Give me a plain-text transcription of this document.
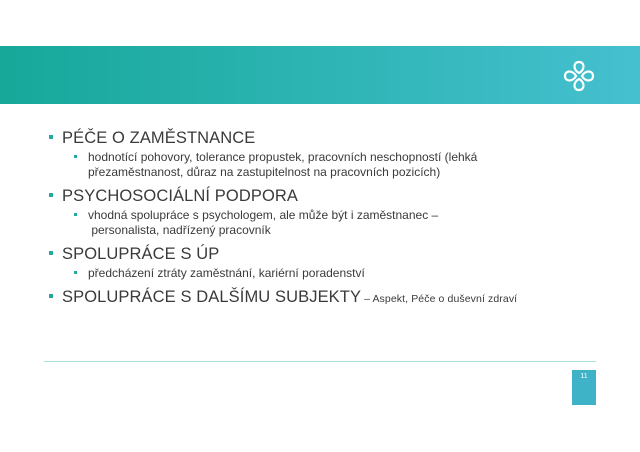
PÉČE O ZAMĚSTNANCE
hodnotící pohovory, tolerance propustek, pracovních neschopností (lehká
přezaměstnanost, důraz na zastupitelnost na pracovních pozicích)
PSYCHOSOCIÁLNÍ PODPORA
vhodná spolupráce s psychologem, ale může být i zaměstnanec –
personalista, nadřízený pracovník
SPOLUPRÁCE S ÚP
předcházení ztráty zaměstnání, kariérní poradenství
SPOLUPRÁCE S DALŠÍMU SUBJEKTY – Aspekt, Péče o duševní zdraví
11
